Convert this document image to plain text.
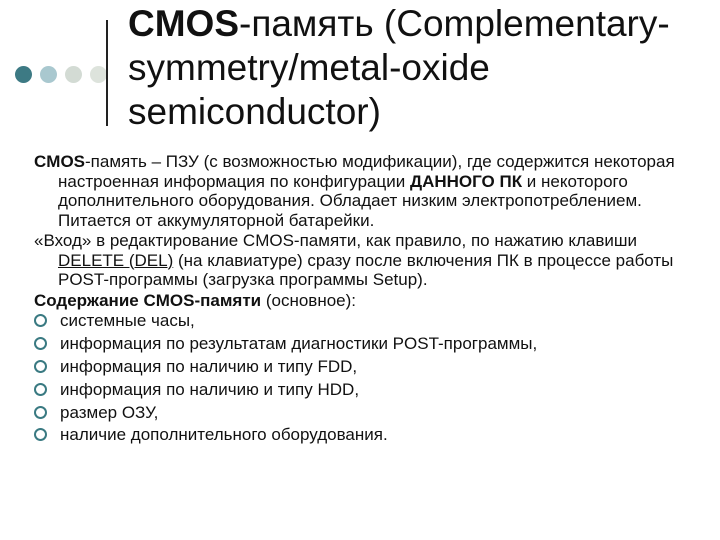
CMOS-память (Complementary-symmetry/metal-oxide semiconductor)

CMOS-память – ПЗУ (с возможностью модификации), где содержится некоторая настроенная информация по конфигурации ДАННОГО ПК и некоторого дополнительного оборудования. Обладает низким электропотреблением. Питается от аккумуляторной батарейки.

«Вход» в редактирование CMOS-памяти, как правило, по нажатию клавиши DELETE (DEL) (на клавиатуре) сразу после включения ПК в процессе работы POST-программы (загрузка программы Setup).

Содержание CMOS-памяти (основное):

системные часы,
информация по результатам диагностики POST-программы,
информация по наличию и типу FDD,
информация по наличию и типу HDD,
размер ОЗУ,
наличие дополнительного оборудования.
